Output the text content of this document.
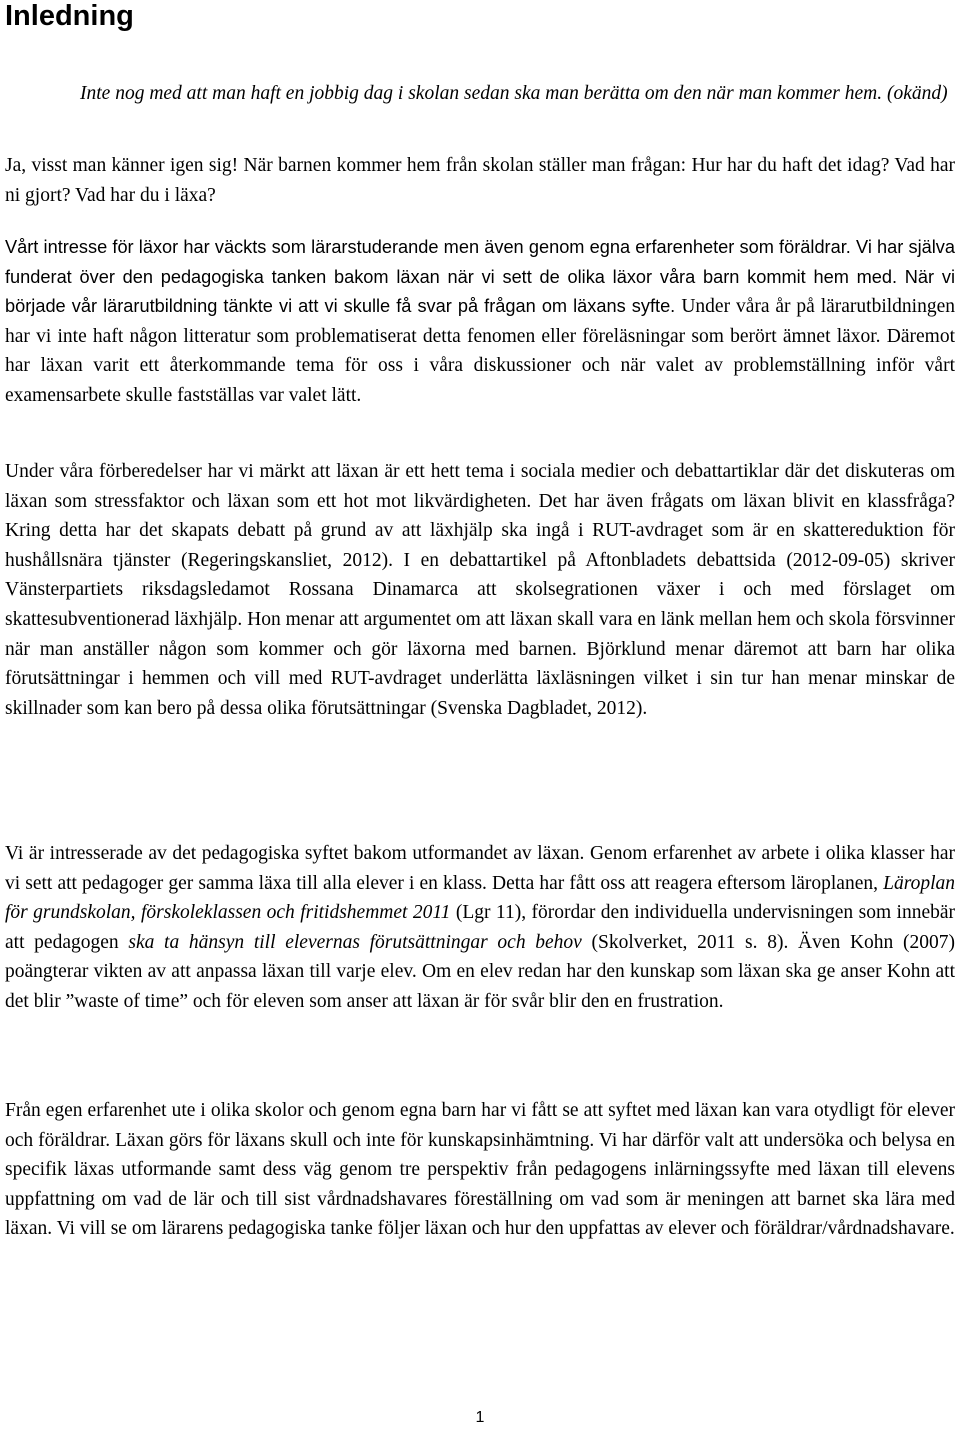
Inledning

Inte nog med att man haft en jobbig dag i skolan sedan ska man berätta om den när man kommer hem. (okänd)

Ja, visst man känner igen sig! När barnen kommer hem från skolan ställer man frågan: Hur har du haft det idag? Vad har ni gjort? Vad har du i läxa?

Vårt intresse för läxor har väckts som lärarstuderande men även genom egna erfarenheter som föräldrar. Vi har själva funderat över den pedagogiska tanken bakom läxan när vi sett de olika läxor våra barn kommit hem med. När vi började vår lärarutbildning tänkte vi att vi skulle få svar på frågan om läxans syfte. Under våra år på lärarutbildningen har vi inte haft någon litteratur som problematiserat detta fenomen eller föreläsningar som berört ämnet läxor. Däremot har läxan varit ett återkommande tema för oss i våra diskussioner och när valet av problemställning inför vårt examensarbete skulle fastställas var valet lätt.

Under våra förberedelser har vi märkt att läxan är ett hett tema i sociala medier och debattartiklar där det diskuteras om läxan som stressfaktor och läxan som ett hot mot likvärdigheten. Det har även frågats om läxan blivit en klassfråga? Kring detta har det skapats debatt på grund av att läxhjälp ska ingå i RUT-avdraget som är en skattereduktion för hushållsnära tjänster (Regeringskansliet, 2012). I en debattartikel på Aftonbladets debattsida (2012-09-05) skriver Vänsterpartiets riksdagsledamot Rossana Dinamarca att skolsegrationen växer i och med förslaget om skattesubventionerad läxhjälp. Hon menar att argumentet om att läxan skall vara en länk mellan hem och skola försvinner när man anställer någon som kommer och gör läxorna med barnen. Björklund menar däremot att barn har olika förutsättningar i hemmen och vill med RUT-avdraget underlätta läxläsningen vilket i sin tur han menar minskar de skillnader som kan bero på dessa olika förutsättningar (Svenska Dagbladet, 2012).

Vi är intresserade av det pedagogiska syftet bakom utformandet av läxan. Genom erfarenhet av arbete i olika klasser har vi sett att pedagoger ger samma läxa till alla elever i en klass. Detta har fått oss att reagera eftersom läroplanen, Läroplan för grundskolan, förskoleklassen och fritidshemmet 2011 (Lgr 11), förordar den individuella undervisningen som innebär att pedagogen ska ta hänsyn till elevernas förutsättningar och behov (Skolverket, 2011 s. 8). Även Kohn (2007) poängterar vikten av att anpassa läxan till varje elev. Om en elev redan har den kunskap som läxan ska ge anser Kohn att det blir ”waste of time” och för eleven som anser att läxan är för svår blir den en frustration.

Från egen erfarenhet ute i olika skolor och genom egna barn har vi fått se att syftet med läxan kan vara otydligt för elever och föräldrar. Läxan görs för läxans skull och inte för kunskapsinhämtning. Vi har därför valt att undersöka och belysa en specifik läxas utformande samt dess väg genom tre perspektiv från pedagogens inlärningssyfte med läxan till elevens uppfattning om vad de lär och till sist vårdnadshavares föreställning om vad som är meningen att barnet ska lära med läxan. Vi vill se om lärarens pedagogiska tanke följer läxan och hur den uppfattas av elever och föräldrar/vårdnadshavare.

1
